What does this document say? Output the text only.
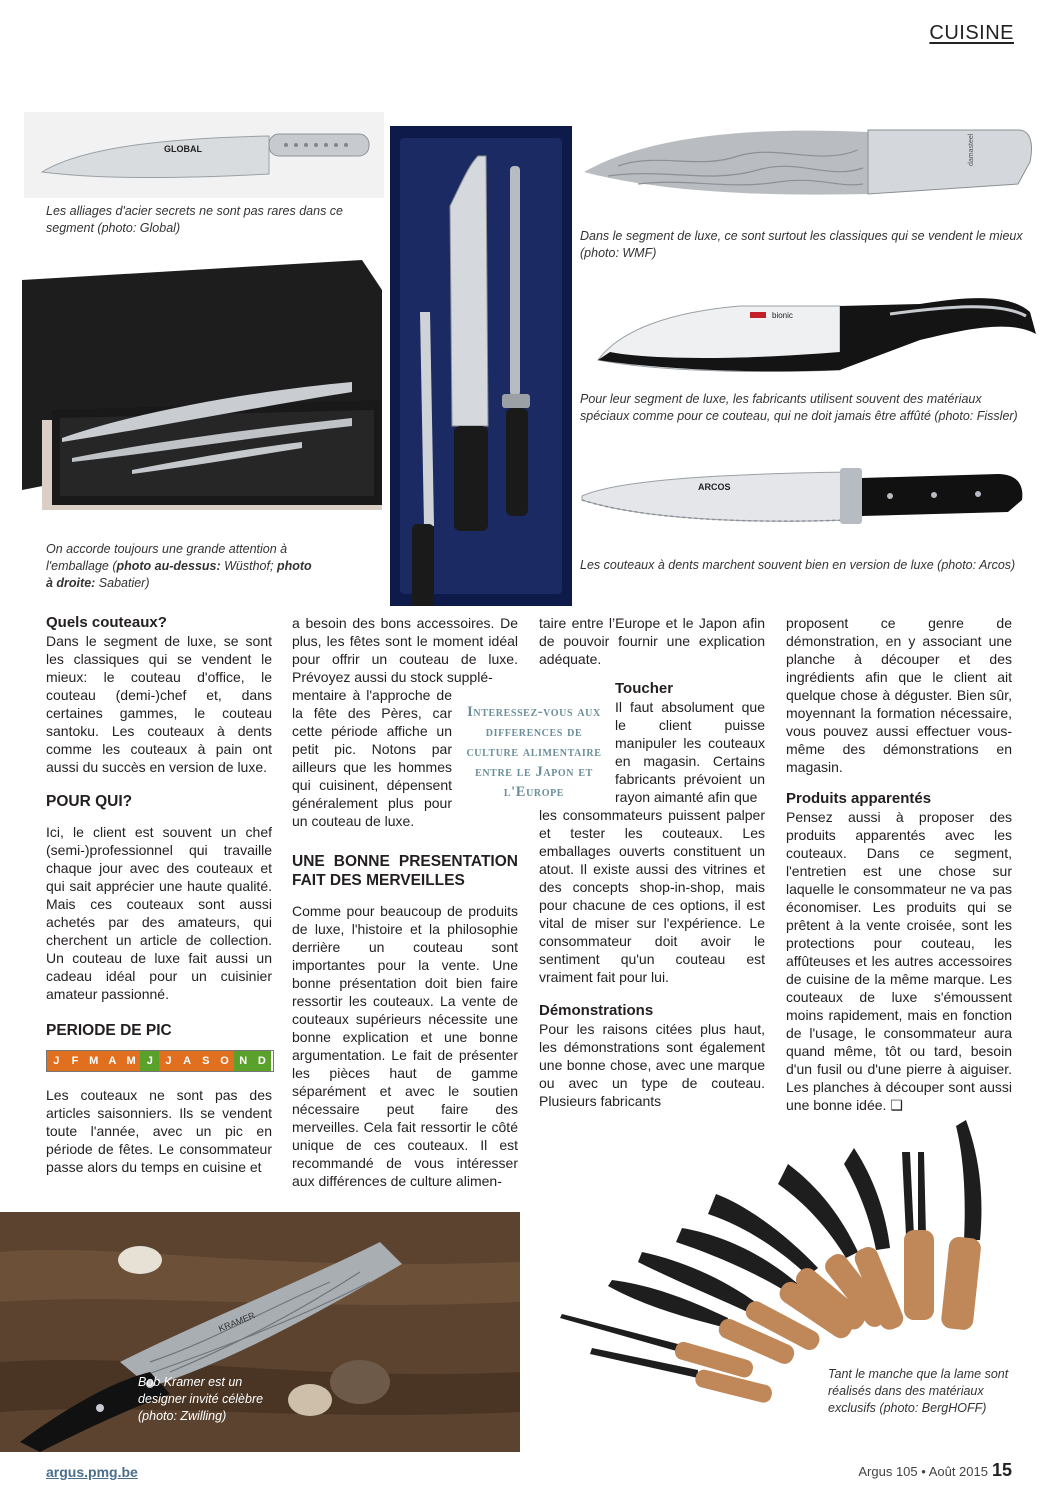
CUISINE
GLOBAL
Les alliages d'acier secrets ne sont pas rares dans ce segment (photo: Global)
On accorde toujours une grande attention à l'emballage (photo au-dessus: Wüsthof; photo à droite: Sabatier)
damasteel
Dans le segment de luxe, ce sont surtout les classiques qui se vendent le mieux (photo: WMF)
bionic
Pour leur segment de luxe, les fabricants utilisent souvent des matériaux spéciaux comme pour ce couteau, qui ne doit jamais être affûté (photo: Fissler)
ARCOS
Les couteaux à dents marchent souvent bien en version de luxe (photo: Arcos)
Quels couteaux?

Dans le segment de luxe, se sont les classiques qui se vendent le mieux: le couteau d'office, le couteau (demi-)chef et, dans certaines gammes, le couteau santoku. Les couteaux à dents comme les couteaux à pain ont aussi du succès en version de luxe.

POUR QUI?

Ici, le client est souvent un chef (semi-)professionnel qui travaille chaque jour avec des couteaux et qui sait apprécier une haute qualité. Mais ces couteaux sont aussi achetés par des amateurs, qui cherchent un article de collection. Un couteau de luxe fait aussi un cadeau idéal pour un cuisinier amateur passionné.

PERIODE DE PIC
J	F M A M	J	J	A	S O N D

Les couteaux ne sont pas des articles saisonniers. Ils se vendent toute l'année, avec un pic en période de fêtes. Le consommateur passe alors du temps en cuisine et

a besoin des bons accessoires. De plus, les fêtes sont le moment idéal pour offrir un couteau de luxe. Prévoyez aussi du stock supplé-

mentaire à l'approche de la fête des Pères, car cette période affiche un petit pic. Notons par ailleurs que les hommes qui cuisinent, dépensent généralement plus pour un couteau de luxe.

UNE BONNE PRESENTATION FAIT DES MERVEILLES

Comme pour beaucoup de produits de luxe, l'histoire et la philosophie derrière un couteau sont importantes pour la vente. Une bonne présentation doit bien faire ressortir les couteaux. La vente de couteaux supérieurs nécessite une bonne explication et une bonne argumentation. Le fait de présenter les pièces haut de gamme séparément et avec le soutien nécessaire peut faire des merveilles. Cela fait ressortir le côté unique de ces couteaux. Il est recommandé de vous intéresser aux différences de culture alimen-

Interessez-vous aux differences de culture alimentaire entre le Japon et l'Europe

taire entre l’Europe et le Japon afin de pouvoir fournir une explication adéquate.

Toucher

Il faut absolument que le client puisse manipuler les couteaux en magasin. Certains fabricants prévoient un rayon aimanté afin que

les consommateurs puissent palper et tester les couteaux. Les emballages ouverts constituent un atout. Il existe aussi des vitrines et des concepts shop-in-shop, mais pour chacune de ces options, il est vital de miser sur l'expérience. Le consommateur doit avoir le sentiment qu'un couteau est vraiment fait pour lui.

Démonstrations

Pour les raisons citées plus haut, les démonstrations sont également une bonne chose, avec une marque ou avec un type de couteau. Plusieurs fabricants

proposent ce genre de démonstration, en y associant une planche à découper et des ingrédients afin que le client ait quelque chose à déguster. Bien sûr, moyennant la formation nécessaire, vous pouvez aussi effectuer vous-même des démonstrations en magasin.

Produits apparentés

Pensez aussi à proposer des produits apparentés avec les couteaux. Dans ce segment, l'entretien est une chose sur laquelle le consommateur ne va pas économiser. Les produits qui se prêtent à la vente croisée, sont les protections pour couteau, les affûteuses et les autres accessoires de cuisine de la même marque. Les couteaux de luxe s'émoussent moins rapidement, mais en fonction de l'usage, le consommateur aura quand même, tôt ou tard, besoin d'un fusil ou d'une pierre à aiguiser. Les planches à découper sont aussi une bonne idée. ❑

KRAMER
Bob Kramer est un designer invité célèbre (photo: Zwilling)
Tant le manche que la lame sont réalisés dans des matériaux exclusifs (photo: BergHOFF)
argus.pmg.be	Argus 105 • Août 2015 15
